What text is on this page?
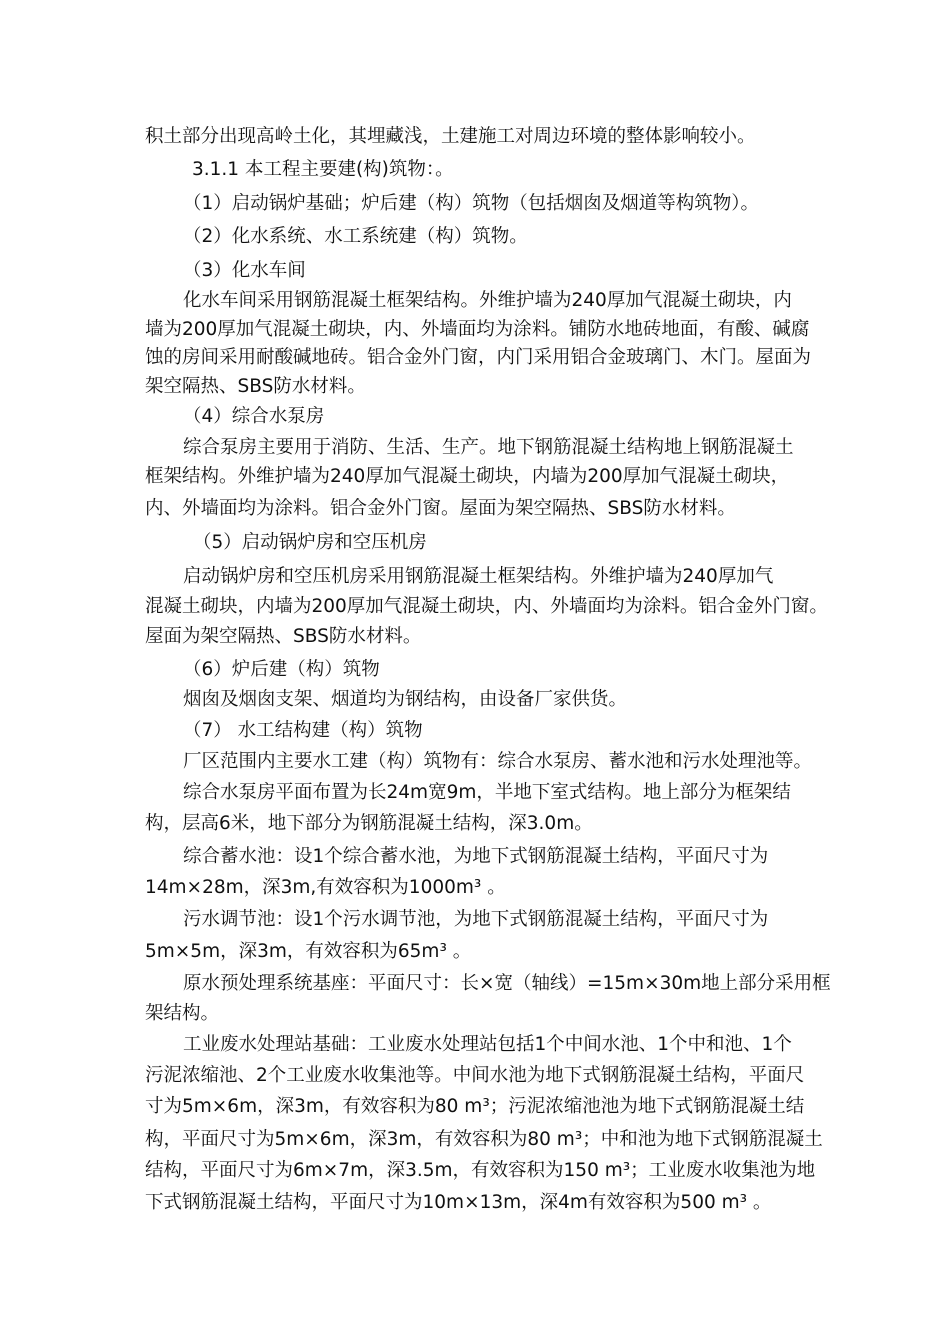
积土部分出现高岭土化，其埋藏浅，土建施工对周边环境的整体影响较小。
3.1.1 本工程主要建(构)筑物：。
（1）启动锅炉基础；炉后建（构）筑物（包括烟囱及烟道等构筑物）。
（2）化水系统、水工系统建（构）筑物。
（3）化水车间
化水车间采用钢筋混凝土框架结构。外维护墙为240厚加气混凝土砌块，内
墙为200厚加气混凝土砌块，内、外墙面均为涂料。铺防水地砖地面，有酸、碱腐
蚀的房间采用耐酸碱地砖。铝合金外门窗，内门采用铝合金玻璃门、木门。屋面为
架空隔热、SBS防水材料。
（4）综合水泵房
综合泵房主要用于消防、生活、生产。地下钢筋混凝土结构地上钢筋混凝土
框架结构。外维护墙为240厚加气混凝土砌块，内墙为200厚加气混凝土砌块，
内、外墙面均为涂料。铝合金外门窗。屋面为架空隔热、SBS防水材料。
（5）启动锅炉房和空压机房
启动锅炉房和空压机房采用钢筋混凝土框架结构。外维护墙为240厚加气
混凝土砌块，内墙为200厚加气混凝土砌块，内、外墙面均为涂料。铝合金外门窗。
屋面为架空隔热、SBS防水材料。
（6）炉后建（构）筑物
烟囱及烟囱支架、烟道均为钢结构，由设备厂家供货。
（7） 水工结构建（构）筑物
厂区范围内主要水工建（构）筑物有：综合水泵房、蓄水池和污水处理池等。
综合水泵房平面布置为长24m宽9m，半地下室式结构。地上部分为框架结
构，层高6米，地下部分为钢筋混凝土结构，深3.0m。
综合蓄水池：设1个综合蓄水池，为地下式钢筋混凝土结构，平面尺寸为
14m×28m，深3m,有效容积为1000m³ 。
污水调节池：设1个污水调节池，为地下式钢筋混凝土结构，平面尺寸为
5m×5m，深3m，有效容积为65m³ 。
原水预处理系统基座：平面尺寸：长×宽（轴线）=15m×30m地上部分采用框
架结构。
工业废水处理站基础：工业废水处理站包括1个中间水池、1个中和池、1个
污泥浓缩池、2个工业废水收集池等。中间水池为地下式钢筋混凝土结构，平面尺
寸为5m×6m，深3m，有效容积为80 m³；污泥浓缩池池为地下式钢筋混凝土结
构，平面尺寸为5m×6m，深3m，有效容积为80 m³；中和池为地下式钢筋混凝土
结构，平面尺寸为6m×7m，深3.5m，有效容积为150 m³；工业废水收集池为地
下式钢筋混凝土结构，平面尺寸为10m×13m，深4m有效容积为500 m³ 。
